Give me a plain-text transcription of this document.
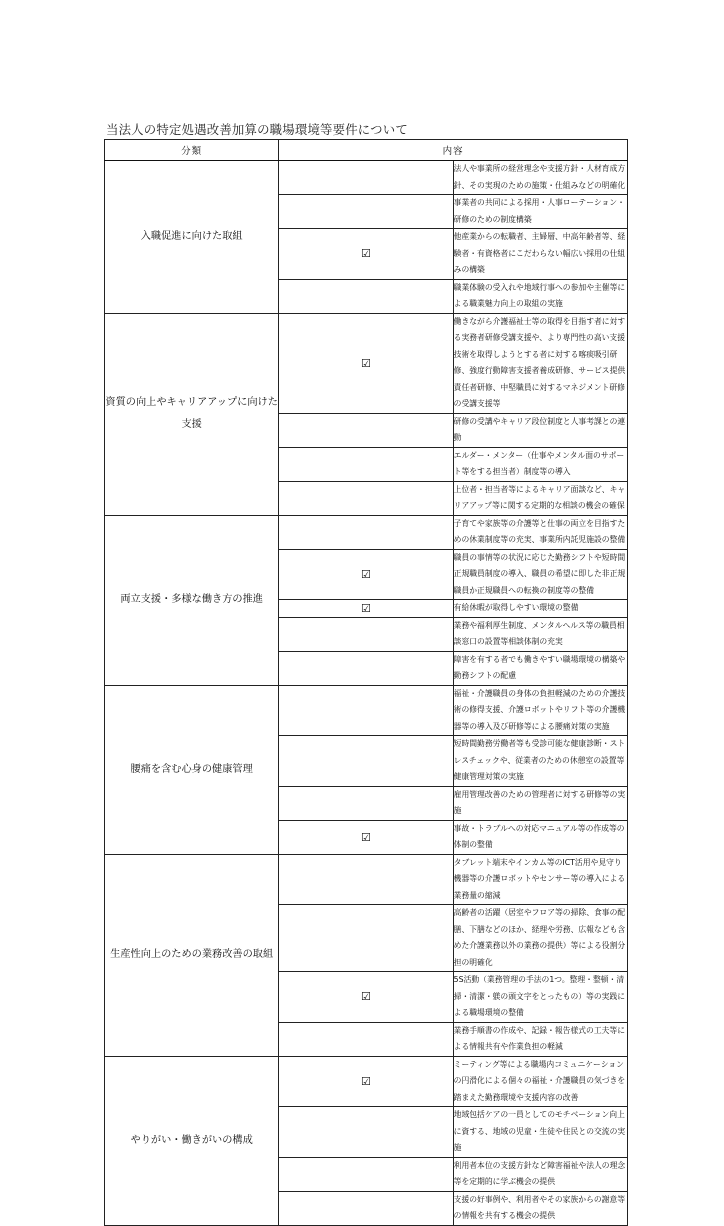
当法人の特定処遇改善加算の職場環境等要件について
分類	内容	
入職促進に向けた取組		法人や事業所の経営理念や支援方針・人材育成方針、その実現のための施策・仕組みなどの明確化
		事業者の共同による採用・人事ローテーション・研修のための制度構築
	☑	他産業からの転職者、主婦層、中高年齢者等、経験者・有資格者にこだわらない幅広い採用の仕組みの構築
		職業体験の受入れや地域行事への参加や主催等による職業魅力向上の取組の実施
資質の向上やキャリアアップに向けた支援	☑	働きながら介護福祉士等の取得を目指す者に対する実務者研修受講支援や、より専門性の高い支援技術を取得しようとする者に対する喀痰吸引研修、強度行動障害支援者養成研修、サービス提供責任者研修、中堅職員に対するマネジメント研修の受講支援等
		研修の受講やキャリア段位制度と人事考課との連動
		エルダー・メンター（仕事やメンタル面のサポート等をする担当者）制度等の導入
		上位者・担当者等によるキャリア面談など、キャリアアップ等に関する定期的な相談の機会の確保
両立支援・多様な働き方の推進		子育てや家族等の介護等と仕事の両立を目指すための休業制度等の充実、事業所内託児施設の整備
	☑	職員の事情等の状況に応じた勤務シフトや短時間正規職員制度の導入、職員の希望に即した非正規職員か正規職員への転換の制度等の整備
	☑	有給休暇が取得しやすい環境の整備
		業務や福利厚生制度、メンタルヘルス等の職員相談窓口の設置等相談体制の充実
		障害を有する者でも働きやすい職場環境の構築や勤務シフトの配慮
腰痛を含む心身の健康管理		福祉・介護職員の身体の負担軽減のための介護技術の修得支援、介護ロボットやリフト等の介護機器等の導入及び研修等による腰痛対策の実施
		短時間勤務労働者等も受診可能な健康診断・ストレスチェックや、従業者のための休憩室の設置等健康管理対策の実施
		雇用管理改善のための管理者に対する研修等の実施
	☑	事故・トラブルへの対応マニュアル等の作成等の体制の整備
生産性向上のための業務改善の取組		タブレット端末やインカム等のICT活用や見守り機器等の介護ロボットやセンサー等の導入による業務量の縮減
		高齢者の活躍（居室やフロア等の掃除、食事の配膳、下膳などのほか、経理や労務、広報なども含めた介護業務以外の業務の提供）等による役割分担の明確化
	☑	5S活動（業務管理の手法の1つ。整理・整頓・清掃・清潔・躾の頭文字をとったもの）等の実践による職場環境の整備
		業務手順書の作成や、記録・報告様式の工夫等による情報共有や作業負担の軽減
やりがい・働きがいの構成	☑	ミーティング等による職場内コミュニケーションの円滑化による個々の福祉・介護職員の気づきを踏まえた勤務環境や支援内容の改善
		地域包括ケアの一員としてのモチベーション向上に資する、地域の児童・生徒や住民との交流の実施
		利用者本位の支援方針など障害福祉や法人の理念等を定期的に学ぶ機会の提供
		支援の好事例や、利用者やその家族からの謝意等の情報を共有する機会の提供
